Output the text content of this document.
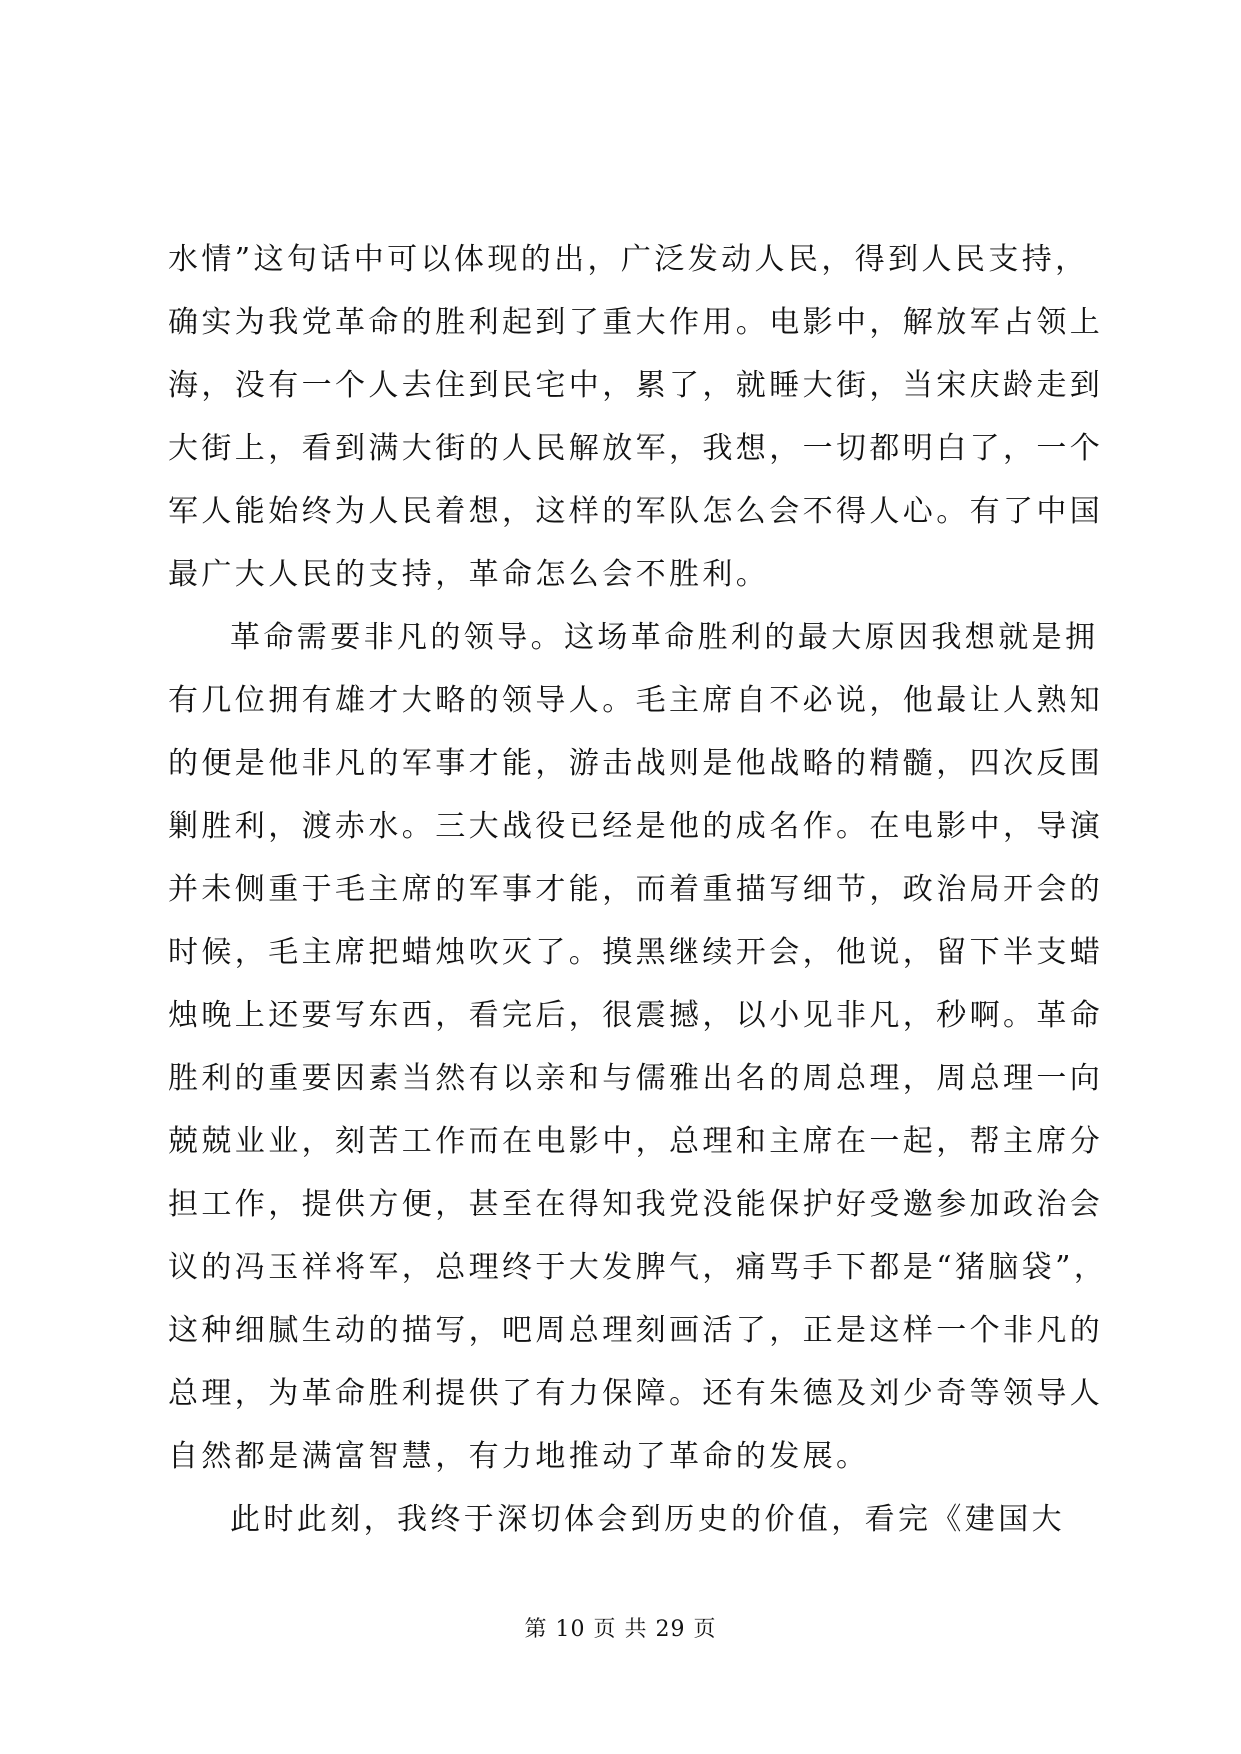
水情”这句话中可以体现的出，广泛发动人民，得到人民支持，
确实为我党革命的胜利起到了重大作用。电影中，解放军占领上
海，没有一个人去住到民宅中，累了，就睡大街，当宋庆龄走到
大街上，看到满大街的人民解放军，我想，一切都明白了，一个
军人能始终为人民着想，这样的军队怎么会不得人心。有了中国
最广大人民的支持，革命怎么会不胜利。
革命需要非凡的领导。这场革命胜利的最大原因我想就是拥
有几位拥有雄才大略的领导人。毛主席自不必说，他最让人熟知
的便是他非凡的军事才能，游击战则是他战略的精髓，四次反围
剿胜利，渡赤水。三大战役已经是他的成名作。在电影中，导演
并未侧重于毛主席的军事才能，而着重描写细节，政治局开会的
时候，毛主席把蜡烛吹灭了。摸黑继续开会，他说，留下半支蜡
烛晚上还要写东西，看完后，很震撼，以小见非凡，秒啊。革命
胜利的重要因素当然有以亲和与儒雅出名的周总理，周总理一向
兢兢业业，刻苦工作而在电影中，总理和主席在一起，帮主席分
担工作，提供方便，甚至在得知我党没能保护好受邀参加政治会
议的冯玉祥将军，总理终于大发脾气，痛骂手下都是“猪脑袋”，
这种细腻生动的描写，吧周总理刻画活了，正是这样一个非凡的
总理，为革命胜利提供了有力保障。还有朱德及刘少奇等领导人
自然都是满富智慧，有力地推动了革命的发展。
此时此刻，我终于深切体会到历史的价值，看完《建国大
第 10 页 共 29 页
